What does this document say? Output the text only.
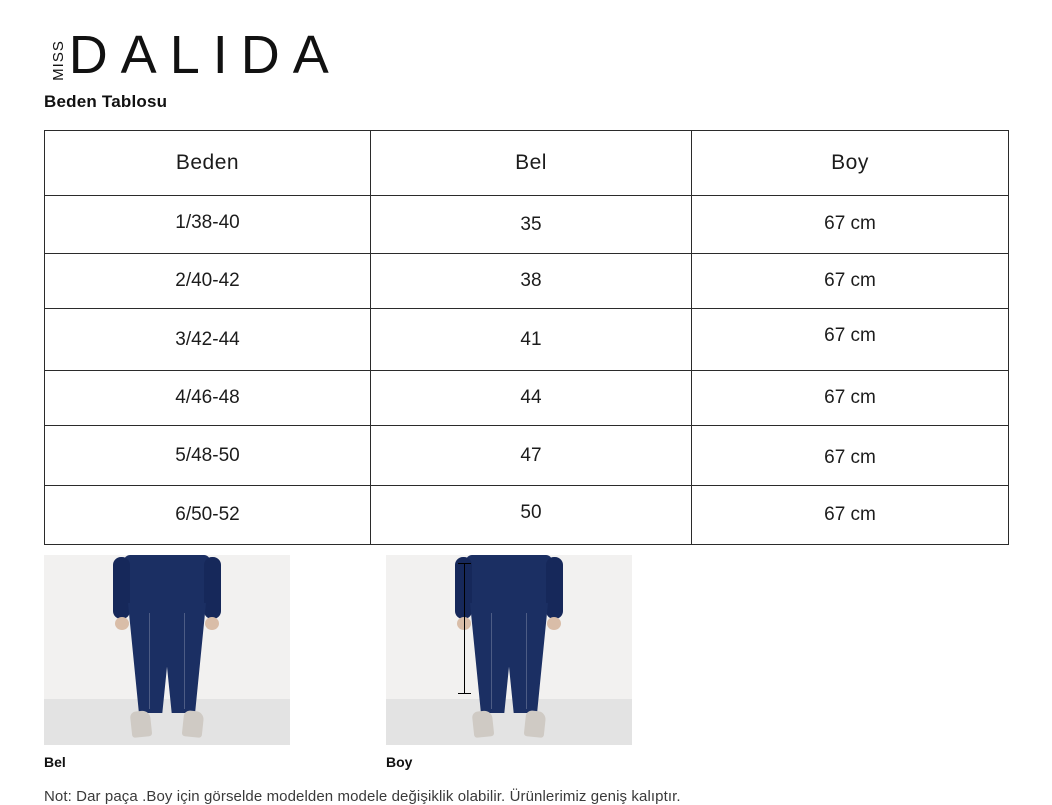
MISS DALIDA
Beden Tablosu
Beden	Bel	Boy
1/38-40	35	67 cm
2/40-42	38	67 cm
3/42-44	41	67 cm
4/46-48	44	67 cm
5/48-50	47	67 cm
6/50-52	50	67 cm
Bel	Boy
Not: Dar paça .Boy için görselde modelden modele değişiklik olabilir. Ürünlerimiz geniş kalıptır.
